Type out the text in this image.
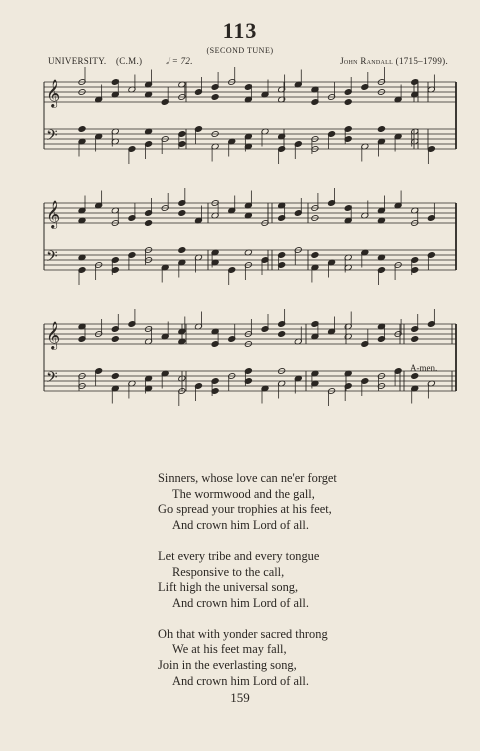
113
(SECOND TUNE)
UNIVERSITY. (C.M.)	𝅗𝅥 = 72.	John Randall (1715–1799).
𝄞
𝄢
𝄞
𝄢
𝄞
𝄢
A-men.
Sinners, whose love can ne'er forget
The wormwood and the gall,
Go spread your trophies at his feet,
And crown him Lord of all.
Let every tribe and every tongue
Responsive to the call,
Lift high the universal song,
And crown him Lord of all.
Oh that with yonder sacred throng
We at his feet may fall,
Join in the everlasting song,
And crown him Lord of all.
159
